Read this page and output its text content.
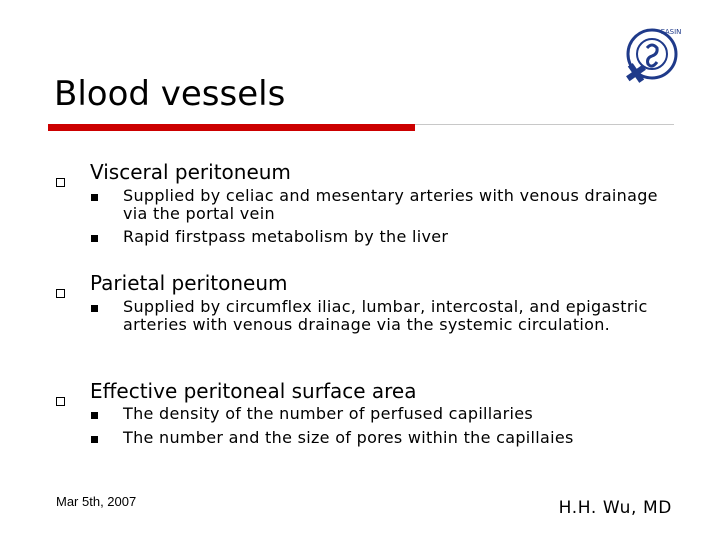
CASIN
Blood vessels
Visceral peritoneum
Supplied by celiac and mesentary arteries with venous drainage via the portal vein
Rapid firstpass metabolism by the liver
Parietal peritoneum
Supplied by circumflex iliac, lumbar, intercostal, and epigastric arteries with venous drainage via the systemic circulation.
Effective peritoneal surface area
The density of the number of perfused capillaries
The number and the size of pores within the capillaies
Mar 5th, 2007	H.H. Wu, MD
